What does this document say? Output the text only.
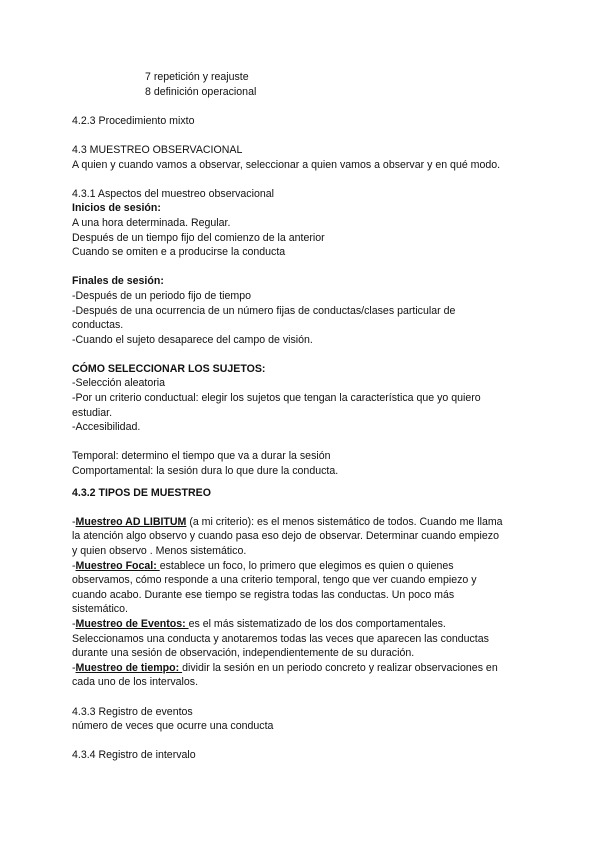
7 repetición y reajuste

8 definición operacional

4.2.3 Procedimiento mixto

4.3 MUESTREO OBSERVACIONAL

A quien y cuando vamos a observar, seleccionar a quien vamos a observar y en qué modo.

4.3.1 Aspectos del muestreo observacional

Inicios de sesión:

A una hora determinada. Regular.

Después de un tiempo fijo del comienzo de la anterior

Cuando se omiten e a producirse la conducta

Finales de sesión:

-Después de un periodo fijo de tiempo

-Después de una ocurrencia de un número fijas de conductas/clases particular de

conductas.

-Cuando el sujeto desaparece del campo de visión.

CÓMO SELECCIONAR LOS SUJETOS:

-Selección aleatoria

-Por un criterio conductual: elegir los sujetos que tengan la característica que yo quiero

estudiar.

-Accesibilidad.

Temporal: determino el tiempo que va a durar la sesión

Comportamental: la sesión dura lo que dure la conducta.

4.3.2 TIPOS DE MUESTREO

-Muestreo AD LIBITUM (a mi criterio): es el menos sistemático de todos. Cuando me llama

la atención algo observo y cuando pasa eso dejo de observar. Determinar cuando empiezo

y quien observo . Menos sistemático.

-Muestreo Focal: establece un foco, lo primero que elegimos es quien o quienes

observamos, cómo responde a una criterio temporal, tengo que ver cuando empiezo y

cuando acabo. Durante ese tiempo se registra todas las conductas. Un poco más

sistemático.

-Muestreo de Eventos: es el más sistematizado de los dos comportamentales.

Seleccionamos una conducta y anotaremos todas las veces que aparecen las conductas

durante una sesión de observación, independientemente de su duración.

-Muestreo de tiempo: dividir la sesión en un periodo concreto y realizar observaciones en

cada uno de los intervalos.

4.3.3 Registro de eventos

número de veces que ocurre una conducta

4.3.4 Registro de intervalo
